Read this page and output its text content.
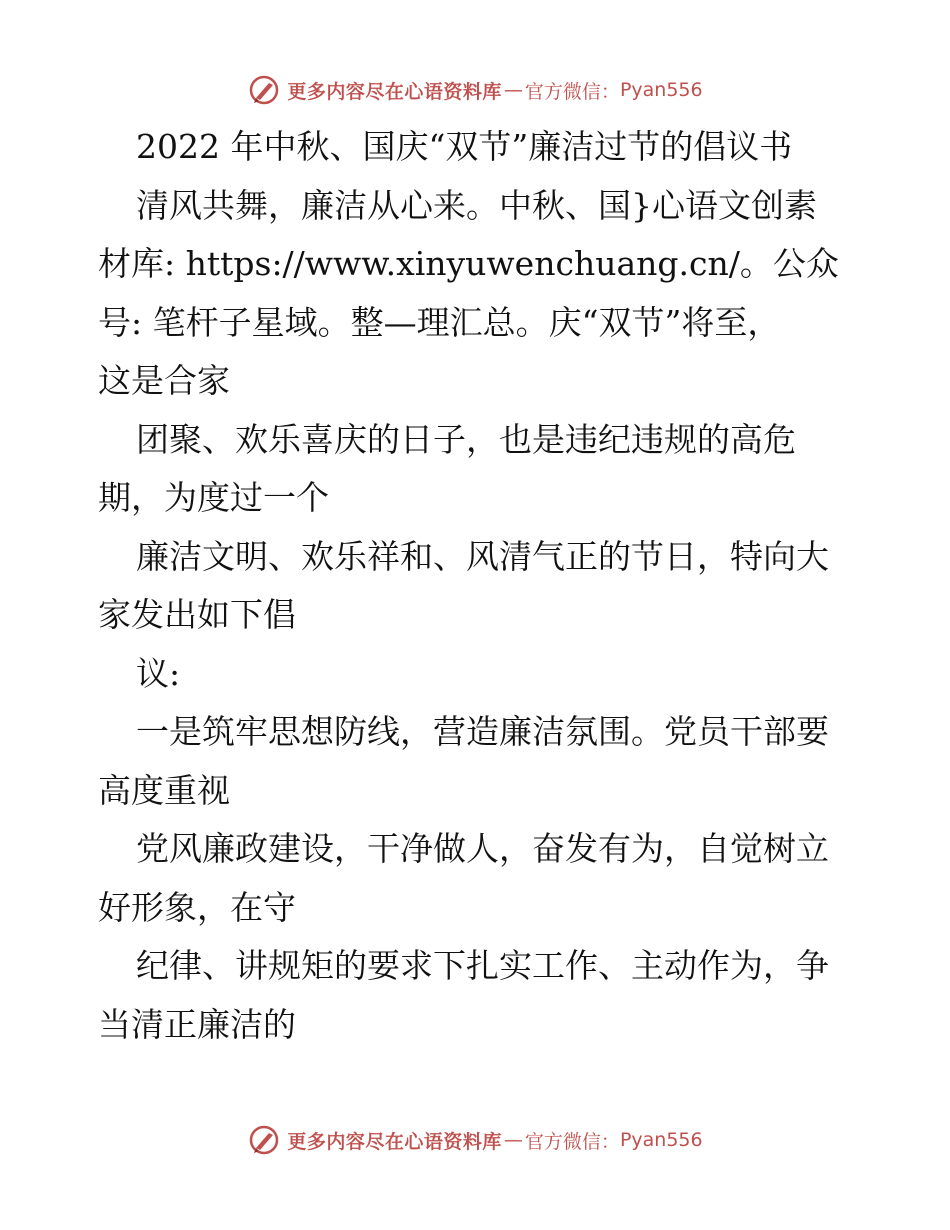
更多内容尽在心语资料库 — 官方微信： Pyan556
2022 年中秋、国庆“双节”廉洁过节的倡议书
清风共舞，廉洁从心来。中秋、国}心语文创素
材库: https://www.xinyuwenchuang.cn/。公众
号: 笔杆子星域。整—理汇总。庆“双节”将至，
这是合家
团聚、欢乐喜庆的日子，也是违纪违规的高危
期，为度过一个
廉洁文明、欢乐祥和、风清气正的节日，特向大
家发出如下倡
议:
一是筑牢思想防线，营造廉洁氛围。党员干部要
高度重视
党风廉政建设，干净做人，奋发有为，自觉树立
好形象，在守
纪律、讲规矩的要求下扎实工作、主动作为，争
当清正廉洁的
更多内容尽在心语资料库 — 官方微信： Pyan556
